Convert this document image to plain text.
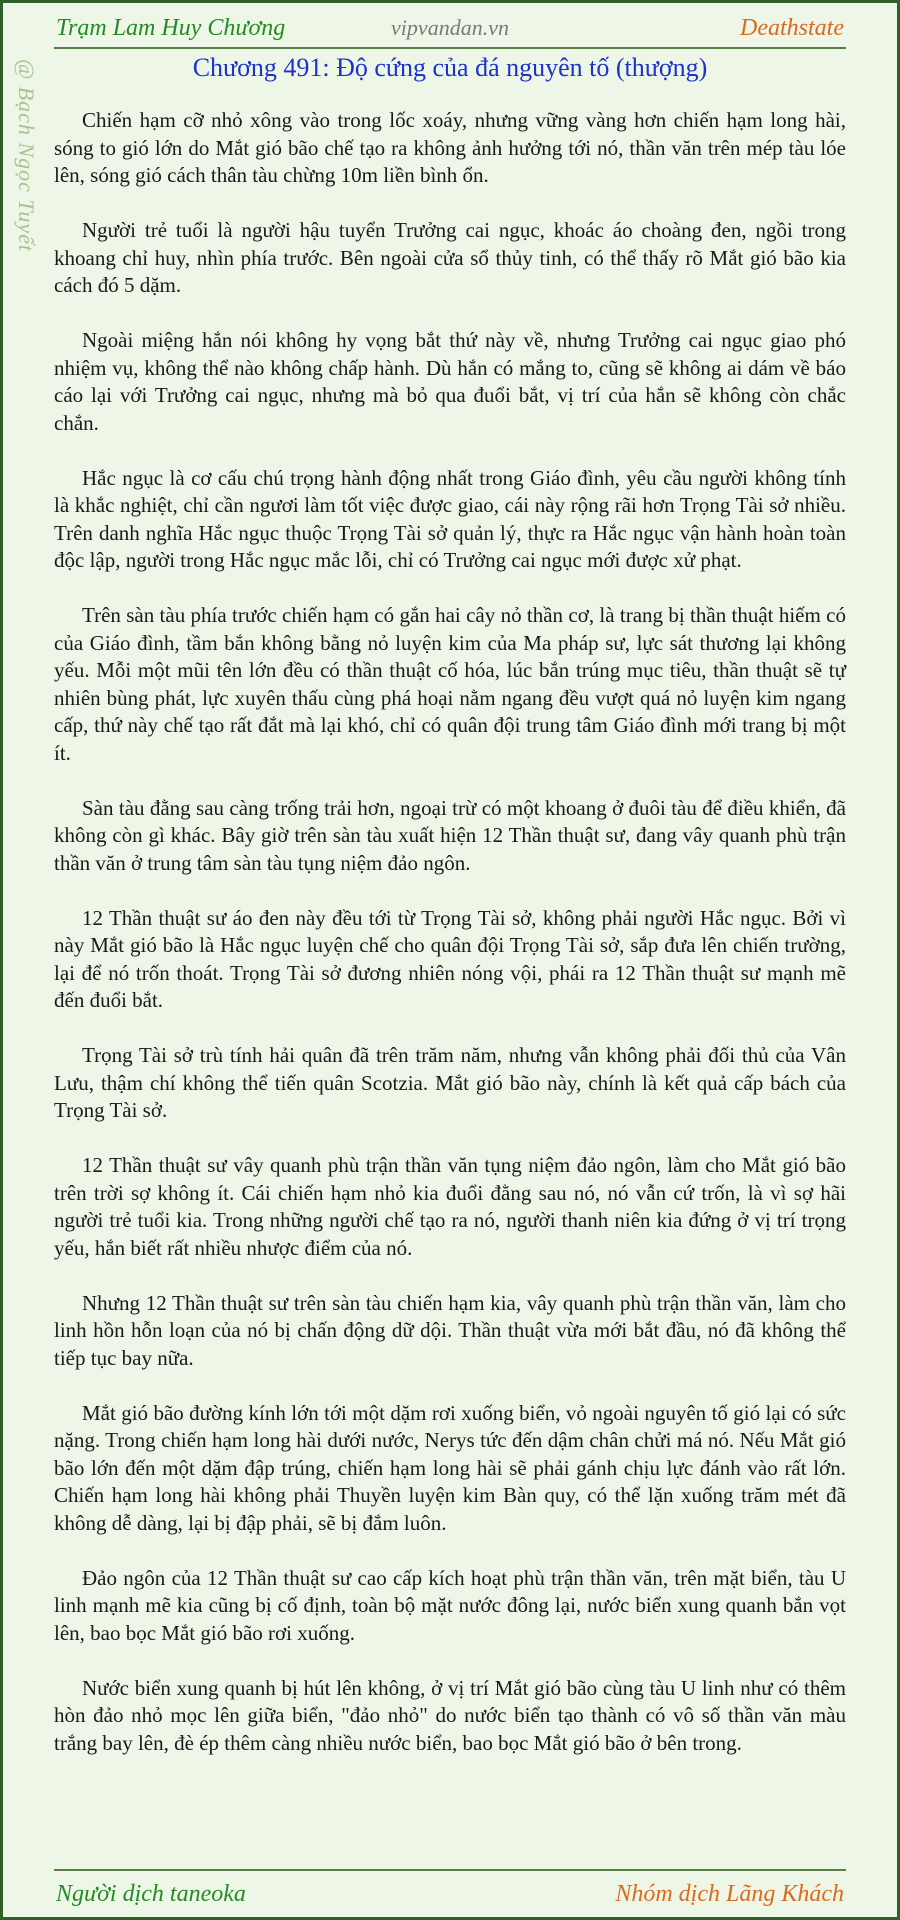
Trạm Lam Huy Chương	vipvandan.vn	Deathstate
@ Bạch Ngọc Tuyết	Chương 491: Độ cứng của đá nguyên tố (thượng)

Chiến hạm cỡ nhỏ xông vào trong lốc xoáy, nhưng vững vàng hơn chiến hạm long hài, sóng to gió lớn do Mắt gió bão chế tạo ra không ảnh hưởng tới nó, thần văn trên mép tàu lóe lên, sóng gió cách thân tàu chừng 10m liền bình ổn.

Người trẻ tuổi là người hậu tuyển Trưởng cai ngục, khoác áo choàng đen, ngồi trong khoang chỉ huy, nhìn phía trước. Bên ngoài cửa sổ thủy tinh, có thể thấy rõ Mắt gió bão kia cách đó 5 dặm.

Ngoài miệng hắn nói không hy vọng bắt thứ này về, nhưng Trưởng cai ngục giao phó nhiệm vụ, không thể nào không chấp hành. Dù hắn có mắng to, cũng sẽ không ai dám về báo cáo lại với Trưởng cai ngục, nhưng mà bỏ qua đuổi bắt, vị trí của hắn sẽ không còn chắc chắn.

Hắc ngục là cơ cấu chú trọng hành động nhất trong Giáo đình, yêu cầu người không tính là khắc nghiệt, chỉ cần ngươi làm tốt việc được giao, cái này rộng rãi hơn Trọng Tài sở nhiều. Trên danh nghĩa Hắc ngục thuộc Trọng Tài sở quản lý, thực ra Hắc ngục vận hành hoàn toàn độc lập, người trong Hắc ngục mắc lỗi, chỉ có Trưởng cai ngục mới được xử phạt.

Trên sàn tàu phía trước chiến hạm có gắn hai cây nỏ thần cơ, là trang bị thần thuật hiếm có của Giáo đình, tầm bắn không bằng nỏ luyện kim của Ma pháp sư, lực sát thương lại không yếu. Mỗi một mũi tên lớn đều có thần thuật cố hóa, lúc bắn trúng mục tiêu, thần thuật sẽ tự nhiên bùng phát, lực xuyên thấu cùng phá hoại nằm ngang đều vượt quá nỏ luyện kim ngang cấp, thứ này chế tạo rất đắt mà lại khó, chỉ có quân đội trung tâm Giáo đình mới trang bị một ít.

Sàn tàu đằng sau càng trống trải hơn, ngoại trừ có một khoang ở đuôi tàu để điều khiển, đã không còn gì khác. Bây giờ trên sàn tàu xuất hiện 12 Thần thuật sư, đang vây quanh phù trận thần văn ở trung tâm sàn tàu tụng niệm đảo ngôn.

12 Thần thuật sư áo đen này đều tới từ Trọng Tài sở, không phải người Hắc ngục. Bởi vì này Mắt gió bão là Hắc ngục luyện chế cho quân đội Trọng Tài sở, sắp đưa lên chiến trường, lại để nó trốn thoát. Trọng Tài sở đương nhiên nóng vội, phái ra 12 Thần thuật sư mạnh mẽ đến đuổi bắt.

Trọng Tài sở trù tính hải quân đã trên trăm năm, nhưng vẫn không phải đối thủ của Vân Lưu, thậm chí không thể tiến quân Scotzia. Mắt gió bão này, chính là kết quả cấp bách của Trọng Tài sở.

12 Thần thuật sư vây quanh phù trận thần văn tụng niệm đảo ngôn, làm cho Mắt gió bão trên trời sợ không ít. Cái chiến hạm nhỏ kia đuổi đằng sau nó, nó vẫn cứ trốn, là vì sợ hãi người trẻ tuổi kia. Trong những người chế tạo ra nó, người thanh niên kia đứng ở vị trí trọng yếu, hắn biết rất nhiều nhược điểm của nó.

Nhưng 12 Thần thuật sư trên sàn tàu chiến hạm kia, vây quanh phù trận thần văn, làm cho linh hồn hỗn loạn của nó bị chấn động dữ dội. Thần thuật vừa mới bắt đầu, nó đã không thể tiếp tục bay nữa.

Mắt gió bão đường kính lớn tới một dặm rơi xuống biển, vỏ ngoài nguyên tố gió lại có sức nặng. Trong chiến hạm long hài dưới nước, Nerys tức đến dậm chân chửi má nó. Nếu Mắt gió bão lớn đến một dặm đập trúng, chiến hạm long hài sẽ phải gánh chịu lực đánh vào rất lớn. Chiến hạm long hài không phải Thuyền luyện kim Bàn quy, có thể lặn xuống trăm mét đã không dễ dàng, lại bị đập phải, sẽ bị đắm luôn.

Đảo ngôn của 12 Thần thuật sư cao cấp kích hoạt phù trận thần văn, trên mặt biển, tàu U linh mạnh mẽ kia cũng bị cố định, toàn bộ mặt nước đông lại, nước biển xung quanh bắn vọt lên, bao bọc Mắt gió bão rơi xuống.

Nước biển xung quanh bị hút lên không, ở vị trí Mắt gió bão cùng tàu U linh như có thêm hòn đảo nhỏ mọc lên giữa biển, "đảo nhỏ" do nước biển tạo thành có vô số thần văn màu trắng bay lên, đè ép thêm càng nhiều nước biển, bao bọc Mắt gió bão ở bên trong.

Người dịch taneoka	Nhóm dịch Lãng Khách
